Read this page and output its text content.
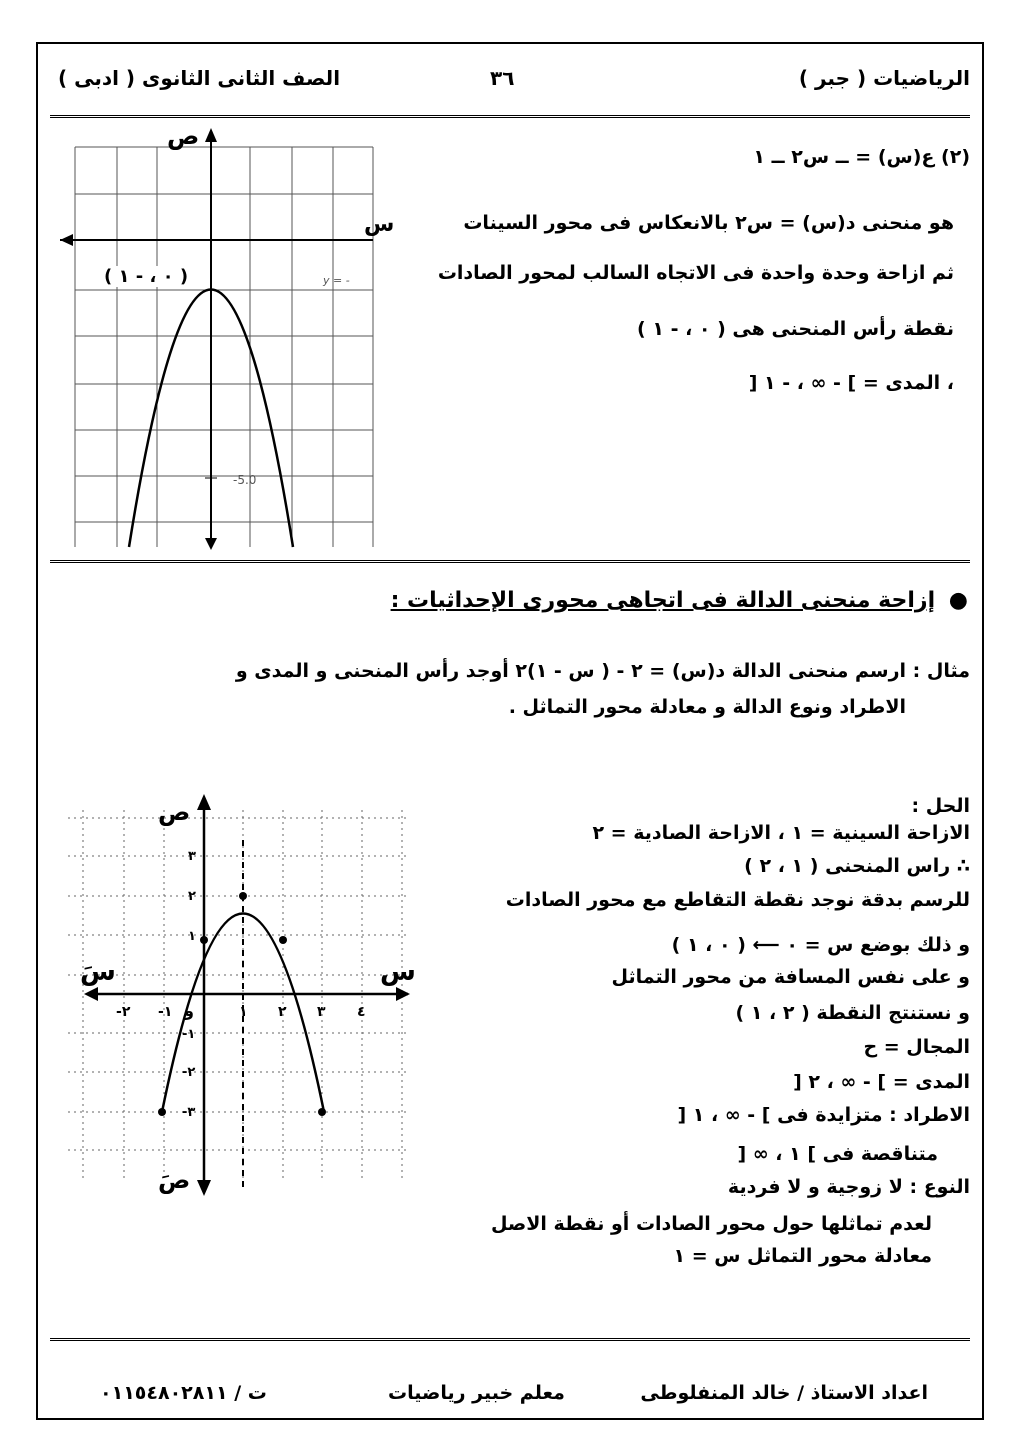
الرياضيات ( جبر )
٣٦
الصف الثانى الثانوى ( ادبى )
(٢) ع(س) = ــ س٢ ــ ١
هو منحنى د(س) = س٢ بالانعكاس فى محور السينات
ثم ازاحة وحدة واحدة فى الاتجاه السالب لمحور الصادات
نقطة رأس المنحنى هى ( ٠ ، - ١ )
، المدى = ] - ∞ ، - ١ [
ص
y = -
-5.0
س
( ٠ ، - ١ )
● إزاحة منحنى الدالة فى اتجاهى محورى الإحداثيات :
مثال : ارسم منحنى الدالة د(س) = ٢ - ( س - ١)٢ أوجد رأس المنحنى و المدى و
الاطراد ونوع الدالة و معادلة محور التماثل .
الحل :
الازاحة السينية = ١ ، الازاحة الصادية = ٢
∴ راس المنحنى ( ١ ، ٢ )
للرسم بدقة نوجد نقطة التقاطع مع محور الصادات
و ذلك بوضع س = ٠ ⟵ ( ٠ ، ١ )
و على نفس المسافة من محور التماثل
و نستنتج النقطة ( ٢ ، ١ )
المجال = ح
المدى = ] - ∞ ، ٢ [
الاطراد : متزايدة فى ] - ∞ ، ١ [
متناقصة فى ] ١ ، ∞ [
النوع : لا زوجية و لا فردية
لعدم تماثلها حول محور الصادات أو نقطة الاصل
معادلة محور التماثل س = ١
ص
صَ
س
سَ
و
-٢ -١	١ ٢ ٣ ٤
٣
٢
١
-١
-٢
-٣
اعداد الاستاذ / خالد المنفلوطى
معلم خبير رياضيات
ت / ٠١١٥٤٨٠٢٨١١
